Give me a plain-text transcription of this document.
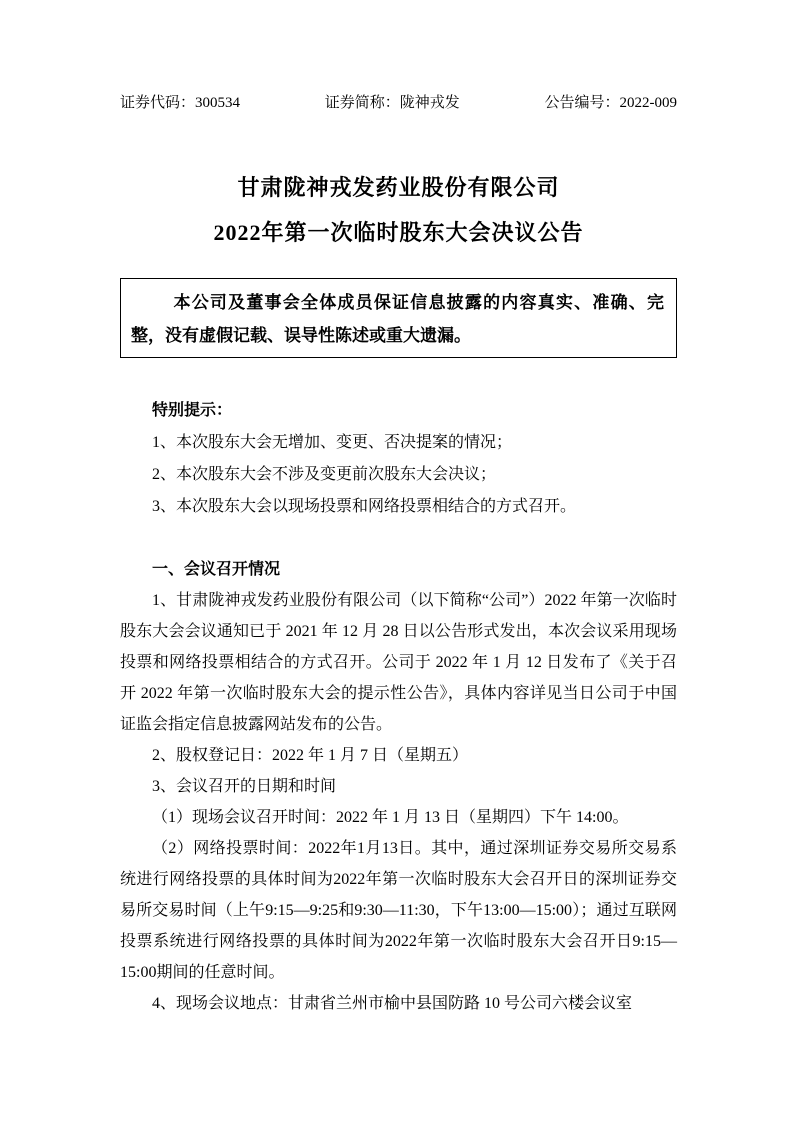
证券代码：300534	证券简称：陇神戎发	公告编号：2022-009
甘肃陇神戎发药业股份有限公司
2022年第一次临时股东大会决议公告

本公司及董事会全体成员保证信息披露的内容真实、准确、完整，没有虚假记载、误导性陈述或重大遗漏。

特别提示：

1、本次股东大会无增加、变更、否决提案的情况；

2、本次股东大会不涉及变更前次股东大会决议；

3、本次股东大会以现场投票和网络投票相结合的方式召开。

一、会议召开情况

1、甘肃陇神戎发药业股份有限公司（以下简称“公司”）2022 年第一次临时股东大会会议通知已于 2021 年 12 月 28 日以公告形式发出，本次会议采用现场投票和网络投票相结合的方式召开。公司于 2022 年 1 月 12 日发布了《关于召开 2022 年第一次临时股东大会的提示性公告》，具体内容详见当日公司于中国证监会指定信息披露网站发布的公告。

2、股权登记日：2022 年 1 月 7 日（星期五）

3、会议召开的日期和时间

（1）现场会议召开时间：2022 年 1 月 13 日（星期四）下午 14:00。

（2）网络投票时间：2022年1月13日。其中，通过深圳证券交易所交易系统进行网络投票的具体时间为2022年第一次临时股东大会召开日的深圳证券交易所交易时间（上午9:15—9:25和9:30—11:30，下午13:00—15:00）；通过互联网投票系统进行网络投票的具体时间为2022年第一次临时股东大会召开日9:15—15:00期间的任意时间。

4、现场会议地点：甘肃省兰州市榆中县国防路 10 号公司六楼会议室
